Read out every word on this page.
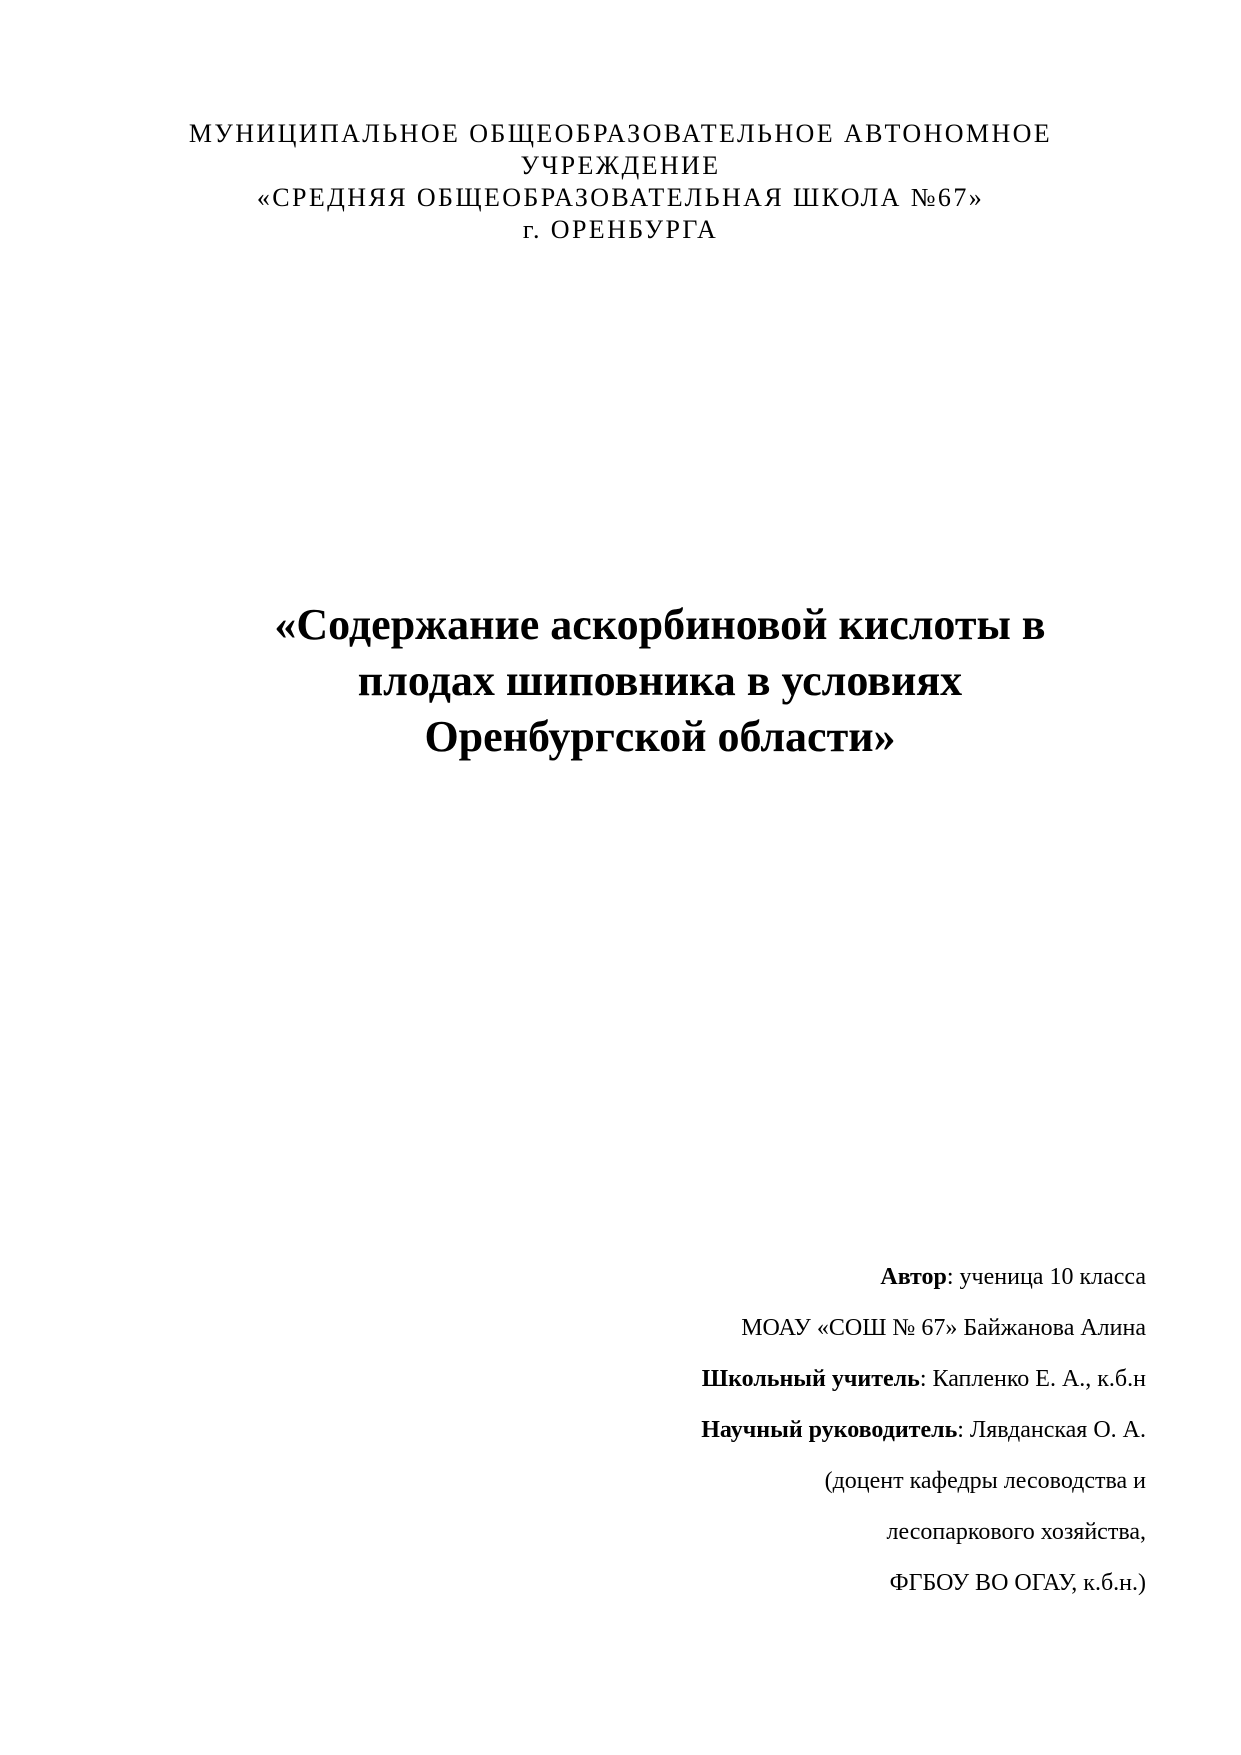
МУНИЦИПАЛЬНОЕ ОБЩЕОБРАЗОВАТЕЛЬНОЕ АВТОНОМНОЕ
УЧРЕЖДЕНИЕ
«СРЕДНЯЯ ОБЩЕОБРАЗОВАТЕЛЬНАЯ ШКОЛА №67»
г. ОРЕНБУРГА
«Содержание аскорбиновой кислоты в
плодах шиповника в условиях
Оренбургской области»
Автор: ученица 10 класса
МОАУ «СОШ № 67» Байжанова Алина
Школьный учитель: Капленко Е. А., к.б.н
Научный руководитель: Лявданская О. А.
(доцент кафедры лесоводства и
лесопаркового хозяйства,
ФГБОУ ВО ОГАУ, к.б.н.)
